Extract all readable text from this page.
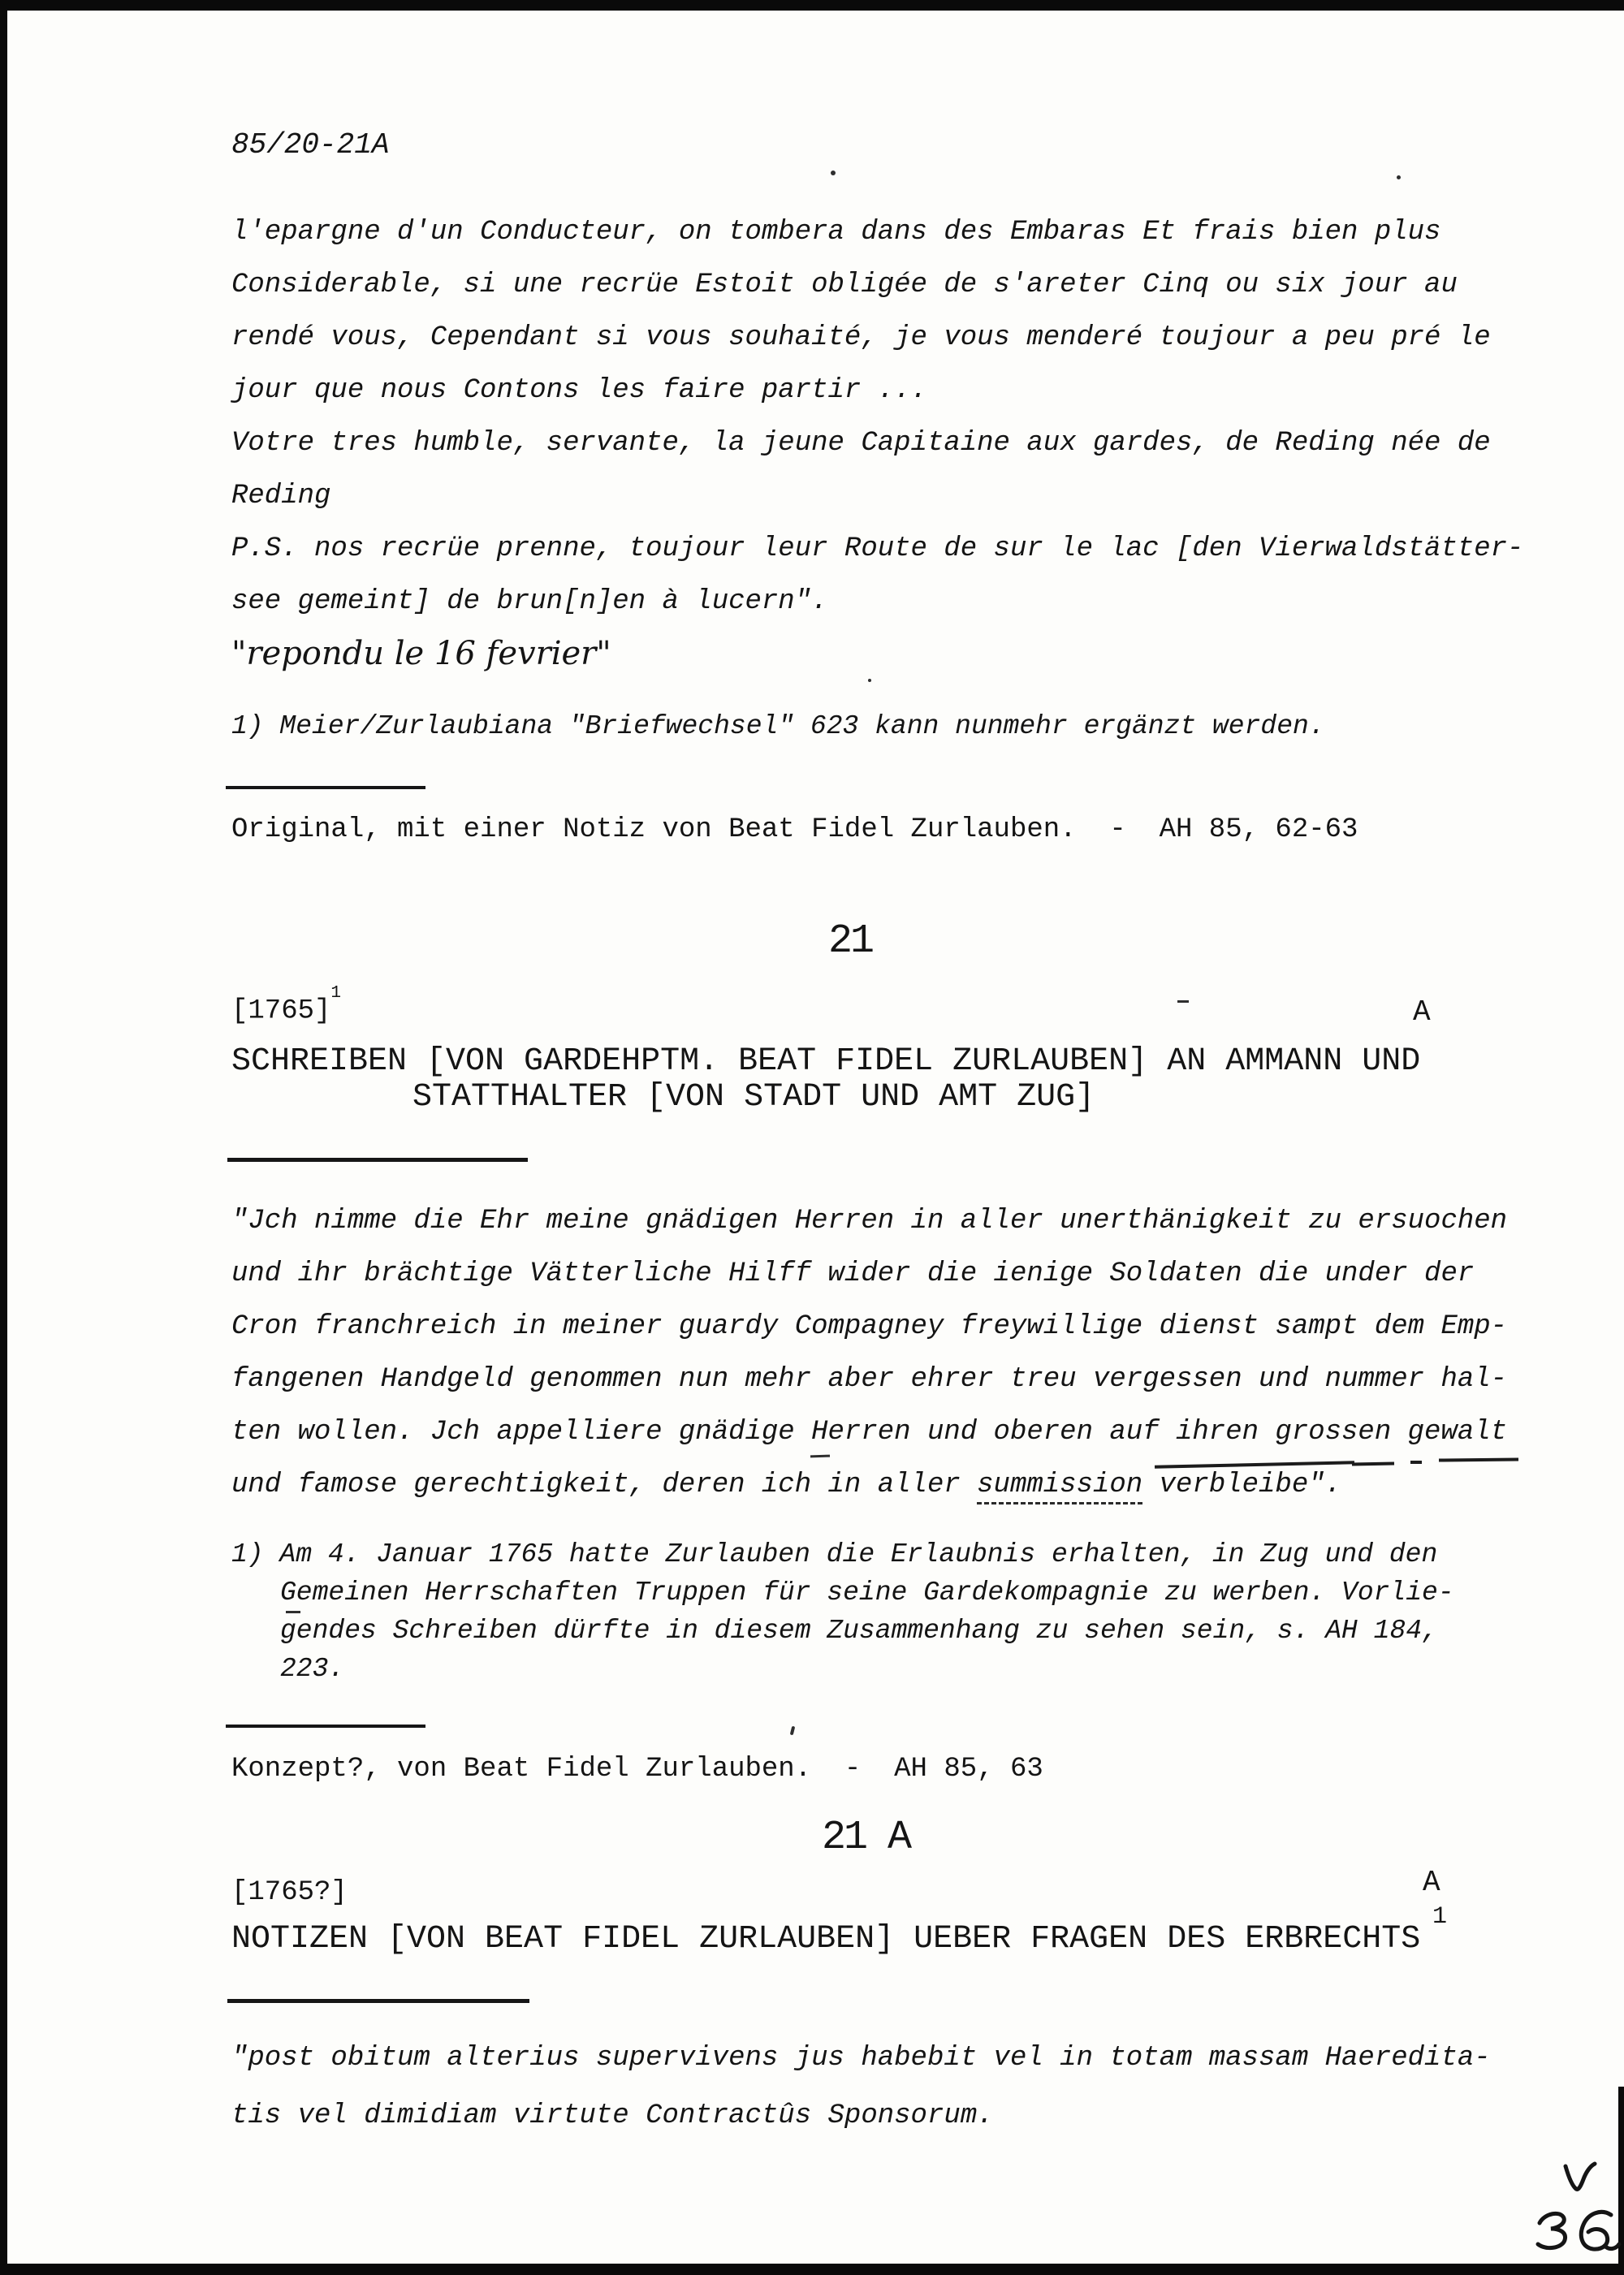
85/20-21A
l'epargne d'un Conducteur, on tombera dans des Embaras Et frais bien plus
Considerable, si une recrüe Estoit obligée de s'areter Cinq ou six jour au
rendé vous, Cependant si vous souhaité, je vous menderé toujour a peu pré le
jour que nous Contons les faire partir ...
Votre tres humble, servante, la jeune Capitaine aux gardes, de Reding née de
Reding
P.S. nos recrüe prenne, toujour leur Route de sur le lac [den Vierwaldstätter-
see gemeint] de brun[n]en à lucern".
"repondu le 16 fevrier"
1) Meier/Zurlaubiana "Briefwechsel" 623 kann nunmehr ergänzt werden.
Original, mit einer Notiz von Beat Fidel Zurlauben.  -  AH 85, 62-63
21
[1765]$^1$
A
SCHREIBEN [VON GARDEHPTM. BEAT FIDEL ZURLAUBEN] AN AMMANN UND
STATTHALTER [VON STADT UND AMT ZUG]
"Jch nimme die Ehr meine gnädigen Herren in aller unerthänigkeit zu ersuochen
und ihr brächtige Vätterliche Hilff wider die ienige Soldaten die under der
Cron franchreich in meiner guardy Compagney freywillige dienst sampt dem Emp-
fangenen Handgeld genommen nun mehr aber ehrer treu vergessen und nummer hal-
ten wollen. Jch appelliere gnädige Herren und oberen auf ihren grossen gewalt
und famose gerechtigkeit, deren ich in aller summission verbleibe".
1) Am 4. Januar 1765 hatte Zurlauben die Erlaubnis erhalten, in Zug und den
Gemeinen Herrschaften Truppen für seine Gardekompagnie zu werben. Vorlie-
gendes Schreiben dürfte in diesem Zusammenhang zu sehen sein, s. AH 184,
223.
Konzept?, von Beat Fidel Zurlauben.  -  AH 85, 63
21 A
[1765?]	A
1
NOTIZEN [VON BEAT FIDEL ZURLAUBEN] UEBER FRAGEN DES ERBRECHTS
"post obitum alterius supervivens jus habebit vel in totam massam Haeredita-
tis vel dimidiam virtute Contractûs Sponsorum.
